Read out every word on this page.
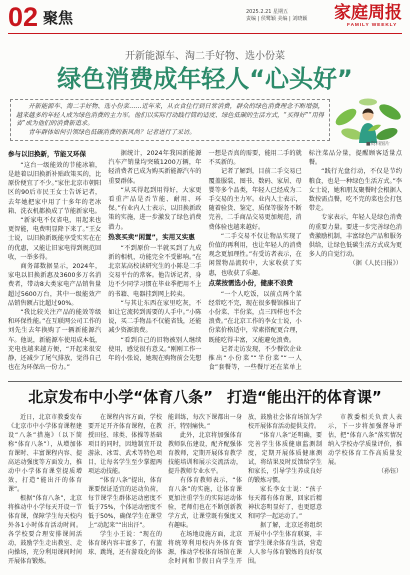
02 聚焦	2025.2.21 星期五
责编 | 侯鹭颖 美编 | 刘晓颖	家庭周报
FAMILY WEEKLY
开新能源车、淘二手好物、选小份菜
绿色消费成年轻人“心头好”

开新能源车、淘二手好物、选小份菜……近年来，从衣食住行到日常消费，群众的绿色消费理念不断增强，越来越多的年轻人成为绿色消费的主力军。他们以实际行动践行简约适度、绿色低碳的生活方式，“买得好”“用得省”成为他们的消费新追求。

青年群体如何引领绿色低碳消费的新风尚？记者进行了采访。

■资料图片
参与以旧换新，节能又环保

“这台一级能效的节能冰箱，是趁着以旧换新补贴政策买的，比原价便宜了不少。”家住北京市朝阳区的90后市民王女士告诉记者，去年她把家中用了十多年的老冰箱、洗衣机都换成了节能新家电。

“新家电不仅省电，用起来也更智能，电费明显降下来了。”王女士说，以旧换新既能享受实实在在的优惠，又能让旧家电得到规范回收，一举多得。

商务部数据显示，2024年，家电以旧换新惠及3600多万名消费者，带动8大类家电产品销售量超过5600万台，其中一级能效产品销售额占比超过90%。

“我比较关注产品的能效等级和环保性能。”在互联网公司工作的刘先生去年换购了一辆新能源汽车。他说，新能源车使用成本低，充电也越来越方便，“开起来很安静，还减少了尾气排放，觉得自己也在为环保出一份力。”

据统计，2024年我国新能源汽车产销量均突破1200万辆，年轻消费者已成为购买新能源汽车的重要群体。

“从买得起到用得好，大家更看重产品是否节能、耐用、环保。”有业内人士表示，以旧换新政策的实施，进一步激发了绿色消费潜力。

热衷买卖“闲置”，实用又实惠

“不到原价一半就买到了九成新的相机，功能完全不受影响。”在北京某高校读研究生的小陈是二手交易平台的常客。他告诉记者，身边不少同学习惯在毕业季把用不上的书籍、电器挂到网上转卖。

“与其让东西在家里吃灰，不如让它流转到需要的人手中。”小陈说，买二手物品不仅能省钱，还能减少资源浪费。

“看到自己的旧物被别人继续使用，感觉很有意义。”刚刚工作一年的小张说，她现在购物前会先想一想是否真的需要，能用二手的就不买新的。

记者了解到，目前二手交易已覆盖服装、图书、数码、家居、母婴等多个品类，年轻人已经成为二手交易的主力军。业内人士表示，随着验货、鉴定、质保等服务不断完善，二手商品交易更加规范，消费体验也越来越好。

“二手交易不仅让物品实现了价值的再利用，也让年轻人的消费观念更加理性。”有受访者表示，在闲置物品流转中，大家收获了实惠，也收获了乐趣。

点菜按需选小份，健康不浪费

“一个人吃饭，以前点两个菜经常吃不完，现在很多餐馆推出了小份菜、半份菜，点三四样也不会浪费。”在北京工作的李女士说，小份菜价格适中，荤素搭配更合理，既能吃得丰富，又能避免浪费。

记者走访发现，不少餐饮企业推出“小份菜”“半份菜”“一人食”套餐等，一些餐厅还在菜单上标注菜品分量，提醒顾客适量点餐。

“践行光盘行动，不仅是节约粮食，也是一种绿色生活方式。”李女士说，她和朋友聚餐时会根据人数按需点餐，吃不完的菜也会打包带走。

专家表示，年轻人是绿色消费的重要力量。要进一步完善绿色消费激励机制，丰富绿色产品和服务供给，让绿色低碳生活方式成为更多人的自觉行动。

（据《人民日报》）

北京发布中小学“体育八条” 打造“能出汗的体育课”

近日，北京市教委发布《北京市中小学体育课程建设“八条”措施》（以下简称“体育八条”），从增加体育课时、丰富课程内容、提高运动强度等方面发力，推动中小学体育课堂提质增效，打造“能出汗的体育课”。

根据“体育八条”，北京将推动中小学每天开设一节体育课，保障学生每天校内外各1小时体育活动时间。各学校要合理安排课间活动，鼓励学生走出教室、走向操场，充分利用课间时间开展体育锻炼。

在课程内容方面，学校要开足开齐体育课程，在教授田径、球类、体操等基础项目的同时，因地制宜开设游泳、冰雪、武术等特色项目，让每名学生至少掌握两项运动技能。

“体育八条”提出，体育课要保证适宜的运动负荷，每节课学生群体运动密度不低于75%，个体运动密度不低于50%，确保学生在课堂上“动起来”“出出汗”。

学生小王说：“现在的体育课内容丰富多了，有篮球、跳绳，还有游戏化的体能训练，每次下课都出一身汗，特别痛快。”

此外，北京将加强体育教师队伍建设，配齐配强体育教师，定期开展体育教学技能培训和展示交流活动，提升教师专业水平。

有体育教师表示，“体育八条”的实施，让体育课更加注重学生的实际运动体验，老师们也在不断创新教学方式，让课堂既有强度又有趣味。

在场地设施方面，北京将统筹利用校内外体育资源，推动学校体育场馆在课余时间和节假日向学生开放，鼓励社会体育场馆为学校开展体育活动提供支持。

“体育八条”还明确，要完善学生体质健康监测制度，定期开展体质健康测试，将结果及时反馈给学生和家长，引导学生养成良好的锻炼习惯。

家长李女士说：“孩子每天都有体育课，回家后精神状态明显好了，也更愿意和同学一起运动了。”

据了解，北京还将组织开展中小学生体育联赛，丰富学生课余体育生活，营造人人参与体育锻炼的良好氛围。

市教委相关负责人表示，下一步将加强督导评估，把“体育八条”落实情况纳入学校办学质量评价，推动学校体育工作高质量发展。

（孙钰）
